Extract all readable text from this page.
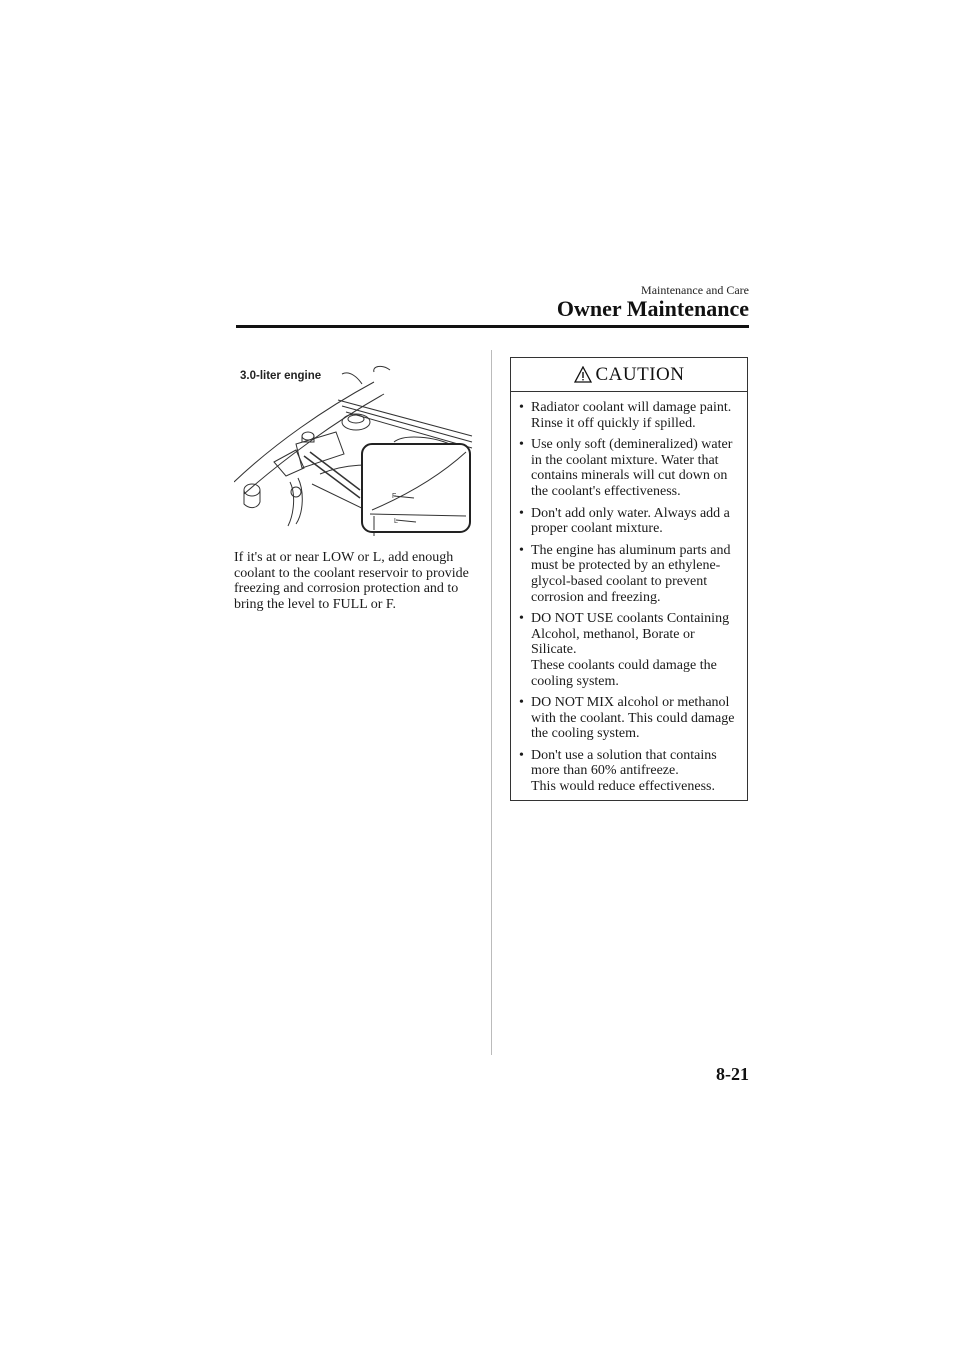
Maintenance and Care
Owner Maintenance
F
L
3.0-liter engine

If it's at or near LOW or L, add enough coolant to the coolant reservoir to provide freezing and corrosion protection and to bring the level to FULL or F.

CAUTION
• Radiator coolant will damage paint. Rinse it off quickly if spilled.
• Use only soft (demineralized) water in the coolant mixture. Water that contains minerals will cut down on the coolant's effectiveness.
• Don't add only water. Always add a proper coolant mixture.
• The engine has aluminum parts and must be protected by an ethylene-glycol-based coolant to prevent corrosion and freezing.
• DO NOT USE coolants Containing Alcohol, methanol, Borate or Silicate.
These coolants could damage the cooling system.
• DO NOT MIX alcohol or methanol with the coolant. This could damage the cooling system.
• Don't use a solution that contains more than 60% antifreeze.
This would reduce effectiveness.
8-21
